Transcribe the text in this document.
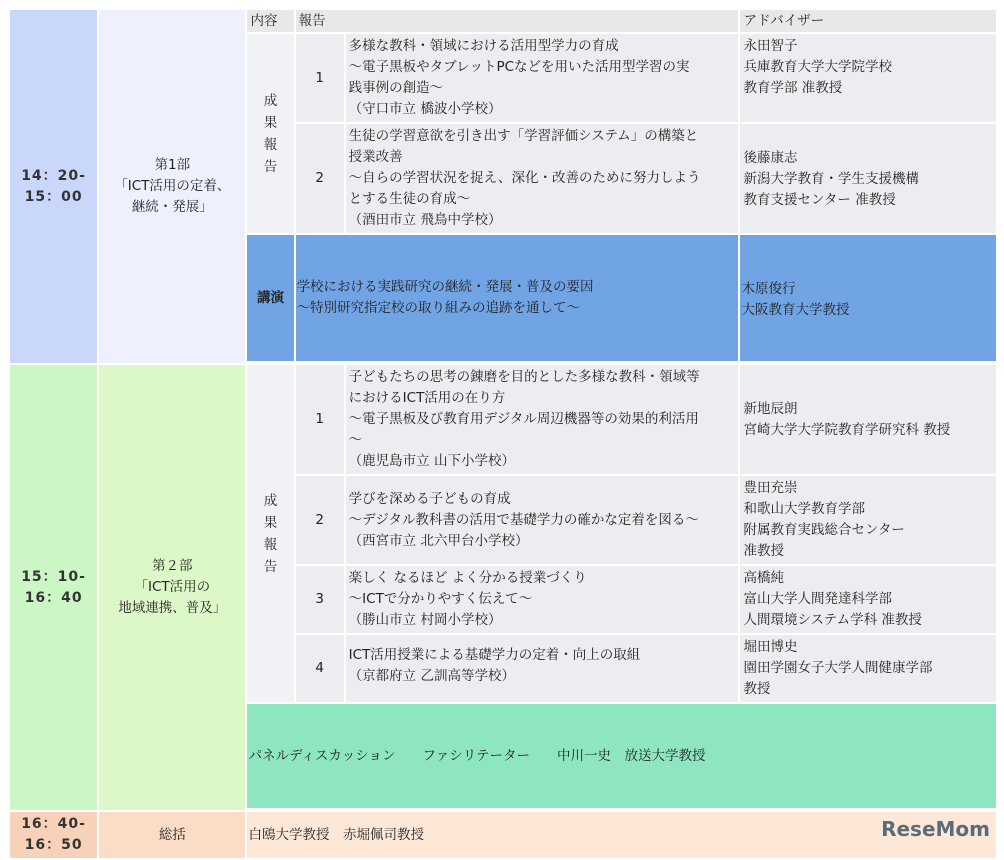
14：20-
15：00	第1部
「ICT活用の定着、
継続・発展」	内容	報告		アドバイザー
		成果報告	1	多様な教科・領域における活用型学力の育成
～電子黒板やタブレットPCなどを用いた活用型学習の実
践事例の創造～
（守口市立 橋波小学校）	永田智子
兵庫教育大学大学院学校
教育学部 准教授

			2	生徒の学習意欲を引き出す「学習評価システム」の構築と
授業改善
～自らの学習状況を捉え、深化・改善のために努力しよう
とする生徒の育成～
（酒田市立 飛鳥中学校）	後藤康志
新潟大学教育・学生支援機構
教育支援センター 准教授

		講演	学校における実践研究の継続・発展・普及の要因
～特別研究指定校の取り組みの追跡を通して～		木原俊行
大阪教育大学教授

15：10-
16：40	第２部
「ICT活用の
地域連携、普及」	成果報告	1	子どもたちの思考の錬磨を目的とした多様な教科・領域等
におけるICT活用の在り方
～電子黒板及び教育用デジタル周辺機器等の効果的利活用
～
（鹿児島市立 山下小学校）	新地辰朗
宮崎大学大学院教育学研究科 教授

			2	学びを深める子どもの育成
～デジタル教科書の活用で基礎学力の確かな定着を図る～
（西宮市立 北六甲台小学校）	豊田充崇
和歌山大学教育学部
附属教育実践総合センター
准教授

			3	楽しく なるほど よく分かる授業づくり
～ICTで分かりやすく伝えて～
（勝山市立 村岡小学校）	高橋純
富山大学人間発達科学部
人間環境システム学科 准教授

			4	ICT活用授業による基礎学力の定着・向上の取組
（京都府立 乙訓高等学校）	堀田博史
園田学園女子大学人間健康学部
教授

		パネルディスカッション　　ファシリテーター　　中川一史　放送大学教授			

16：40-
16：50	総括	白鴎大学教授　赤堀佩司教授				ReseMom
